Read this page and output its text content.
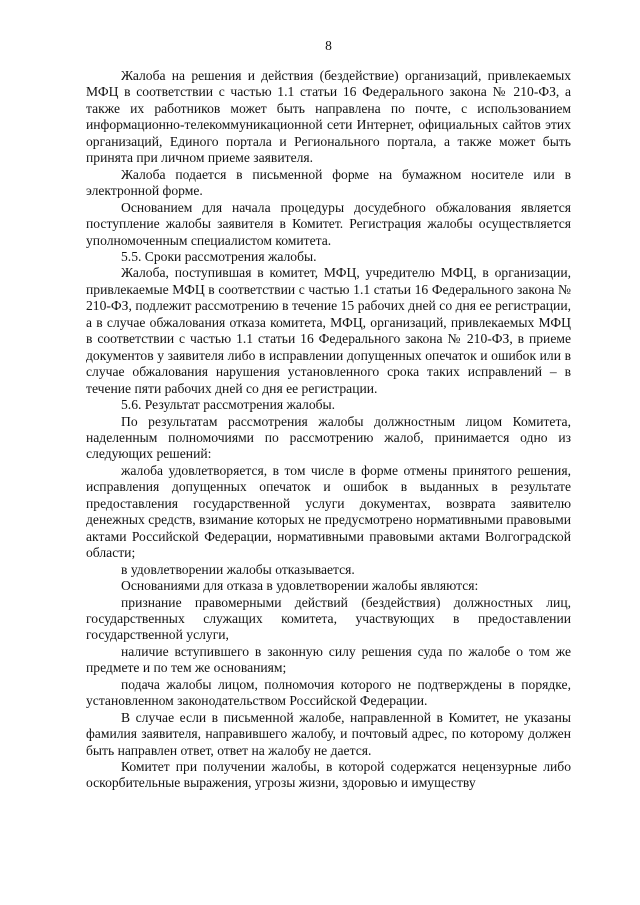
8

Жалоба на решения и действия (бездействие) организаций, привлекаемых МФЦ в соответствии с частью 1.1 статьи 16 Федерального закона № 210-ФЗ, а также их работников может быть направлена по почте, с использованием информационно-телекоммуникационной сети Интернет, официальных сайтов этих организаций, Единого портала и Регионального портала, а также может быть принята при личном приеме заявителя.

Жалоба подается в письменной форме на бумажном носителе или в электронной форме.

Основанием для начала процедуры досудебного обжалования является поступление жалобы заявителя в Комитет. Регистрация жалобы осуществляется уполномоченным специалистом комитета.

5.5. Сроки рассмотрения жалобы.

Жалоба, поступившая в комитет, МФЦ, учредителю МФЦ, в организации, привлекаемые МФЦ в соответствии с частью 1.1 статьи 16 Федерального закона № 210-ФЗ, подлежит рассмотрению в течение 15 рабочих дней со дня ее регистрации, а в случае обжалования отказа комитета, МФЦ, организаций, привлекаемых МФЦ в соответствии с частью 1.1 статьи 16 Федерального закона № 210-ФЗ, в приеме документов у заявителя либо в исправлении допущенных опечаток и ошибок или в случае обжалования нарушения установленного срока таких исправлений – в течение пяти рабочих дней со дня ее регистрации.

5.6. Результат рассмотрения жалобы.

По результатам рассмотрения жалобы должностным лицом Комитета, наделенным полномочиями по рассмотрению жалоб, принимается одно из следующих решений:

жалоба удовлетворяется, в том числе в форме отмены принятого решения, исправления допущенных опечаток и ошибок в выданных в результате предоставления государственной услуги документах, возврата заявителю денежных средств, взимание которых не предусмотрено нормативными правовыми актами Российской Федерации, нормативными правовыми актами Волгоградской области;

в удовлетворении жалобы отказывается.

Основаниями для отказа в удовлетворении жалобы являются:

признание правомерными действий (бездействия) должностных лиц, государственных служащих комитета, участвующих в предоставлении государственной услуги,

наличие вступившего в законную силу решения суда по жалобе о том же предмете и по тем же основаниям;

подача жалобы лицом, полномочия которого не подтверждены в порядке, установленном законодательством Российской Федерации.

В случае если в письменной жалобе, направленной в Комитет, не указаны фамилия заявителя, направившего жалобу, и почтовый адрес, по которому должен быть направлен ответ, ответ на жалобу не дается.

Комитет при получении жалобы, в которой содержатся нецензурные либо оскорбительные выражения, угрозы жизни, здоровью и имуществу
